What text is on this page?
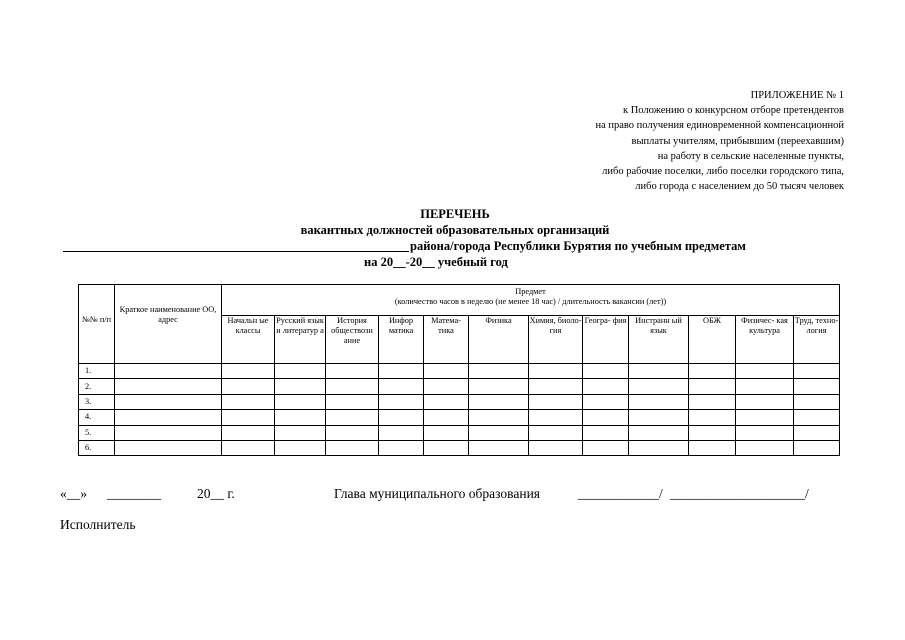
ПРИЛОЖЕНИЕ № 1
к Положению о конкурсном отборе претендентов
на право получения единовременной компенсационной
выплаты учителям, прибывшим (переехавшим)
на работу в сельские населенные пункты,
либо рабочие поселки, либо поселки городского типа,
либо города с населением до 50 тысяч человек
ПЕРЕЧЕНЬ
вакантных должностей образовательных организаций
района/города Республики Бурятия по учебным предметам
на 20__-20__ учебный год
№№ п/п	Краткое наименование ОО, адрес	Предмет
(количество часов в неделю (не менее 18 час) / длительность вакансии (лет))											

		Начальн ые классы	Русский язык и литератур а	История обществозн ание	Инфор матика	Матема- тика	Физика	Химия, биоло- гия	Геогра- фия	Инстранн ый язык	ОБЖ	Физичес- кая культура	Труд, техно- логия
1.													
2.													
3.													
4.													
5.													
6.													
«__» ________	20__ г.	Глава муниципального образования	____________/ ____________________/
Исполнитель
